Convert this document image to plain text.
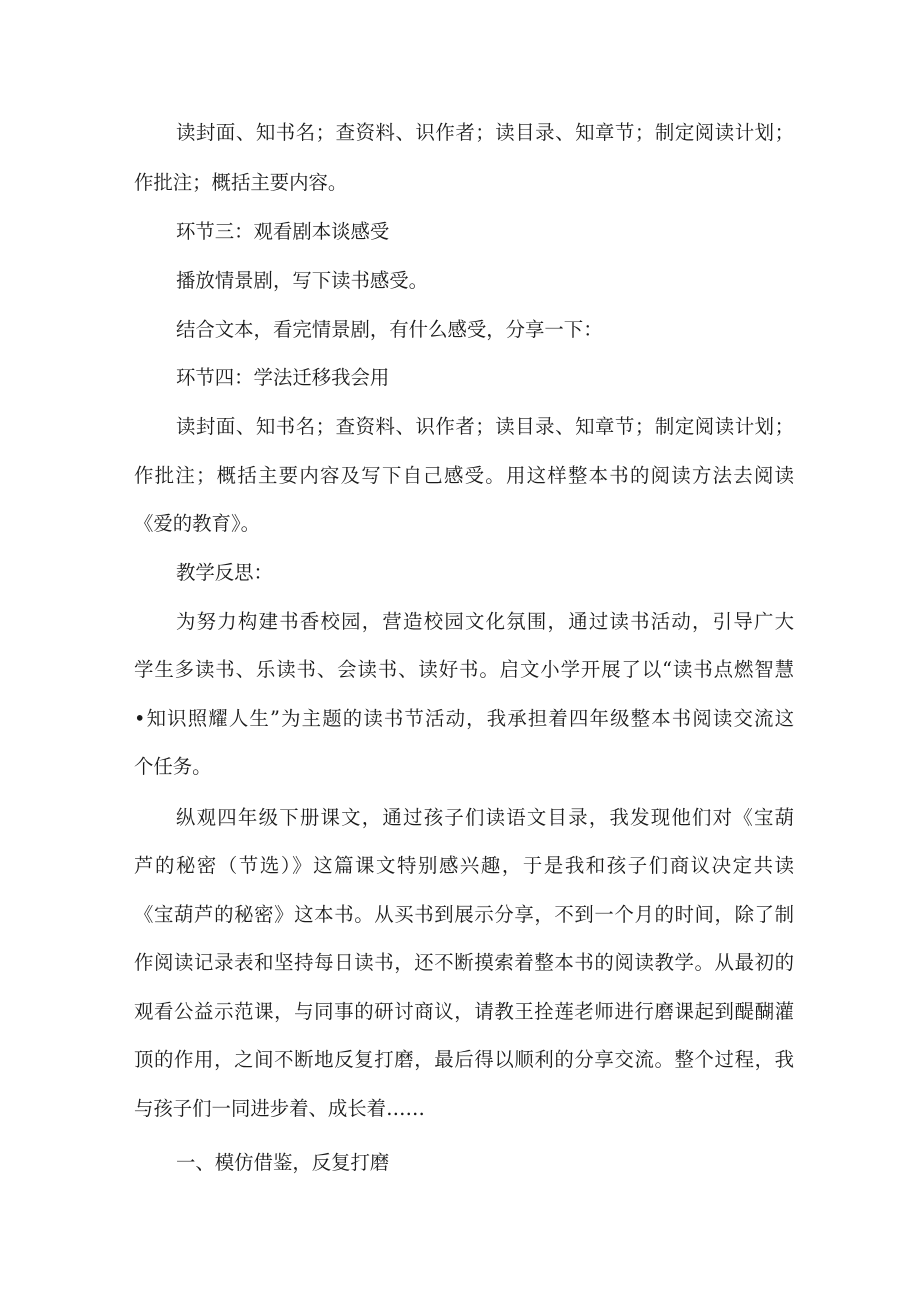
读封面、知书名；查资料、识作者；读目录、知章节；制定阅读计划；
作批注；概括主要内容。
环节三：观看剧本谈感受
播放情景剧，写下读书感受。
结合文本，看完情景剧，有什么感受，分享一下：
环节四：学法迁移我会用
读封面、知书名；查资料、识作者；读目录、知章节；制定阅读计划；
作批注；概括主要内容及写下自己感受。用这样整本书的阅读方法去阅读
《爱的教育》。
教学反思：
为努力构建书香校园，营造校园文化氛围，通过读书活动，引导广大
学生多读书、乐读书、会读书、读好书。启文小学开展了以“读书点燃智慧
•知识照耀人生”为主题的读书节活动，我承担着四年级整本书阅读交流这
个任务。
纵观四年级下册课文，通过孩子们读语文目录，我发现他们对《宝葫
芦的秘密（节选）》这篇课文特别感兴趣，于是我和孩子们商议决定共读
《宝葫芦的秘密》这本书。从买书到展示分享，不到一个月的时间，除了制
作阅读记录表和坚持每日读书，还不断摸索着整本书的阅读教学。从最初的
观看公益示范课，与同事的研讨商议，请教王拴莲老师进行磨课起到醍醐灌
顶的作用，之间不断地反复打磨，最后得以顺利的分享交流。整个过程，我
与孩子们一同进步着、成长着……
一、模仿借鉴，反复打磨
